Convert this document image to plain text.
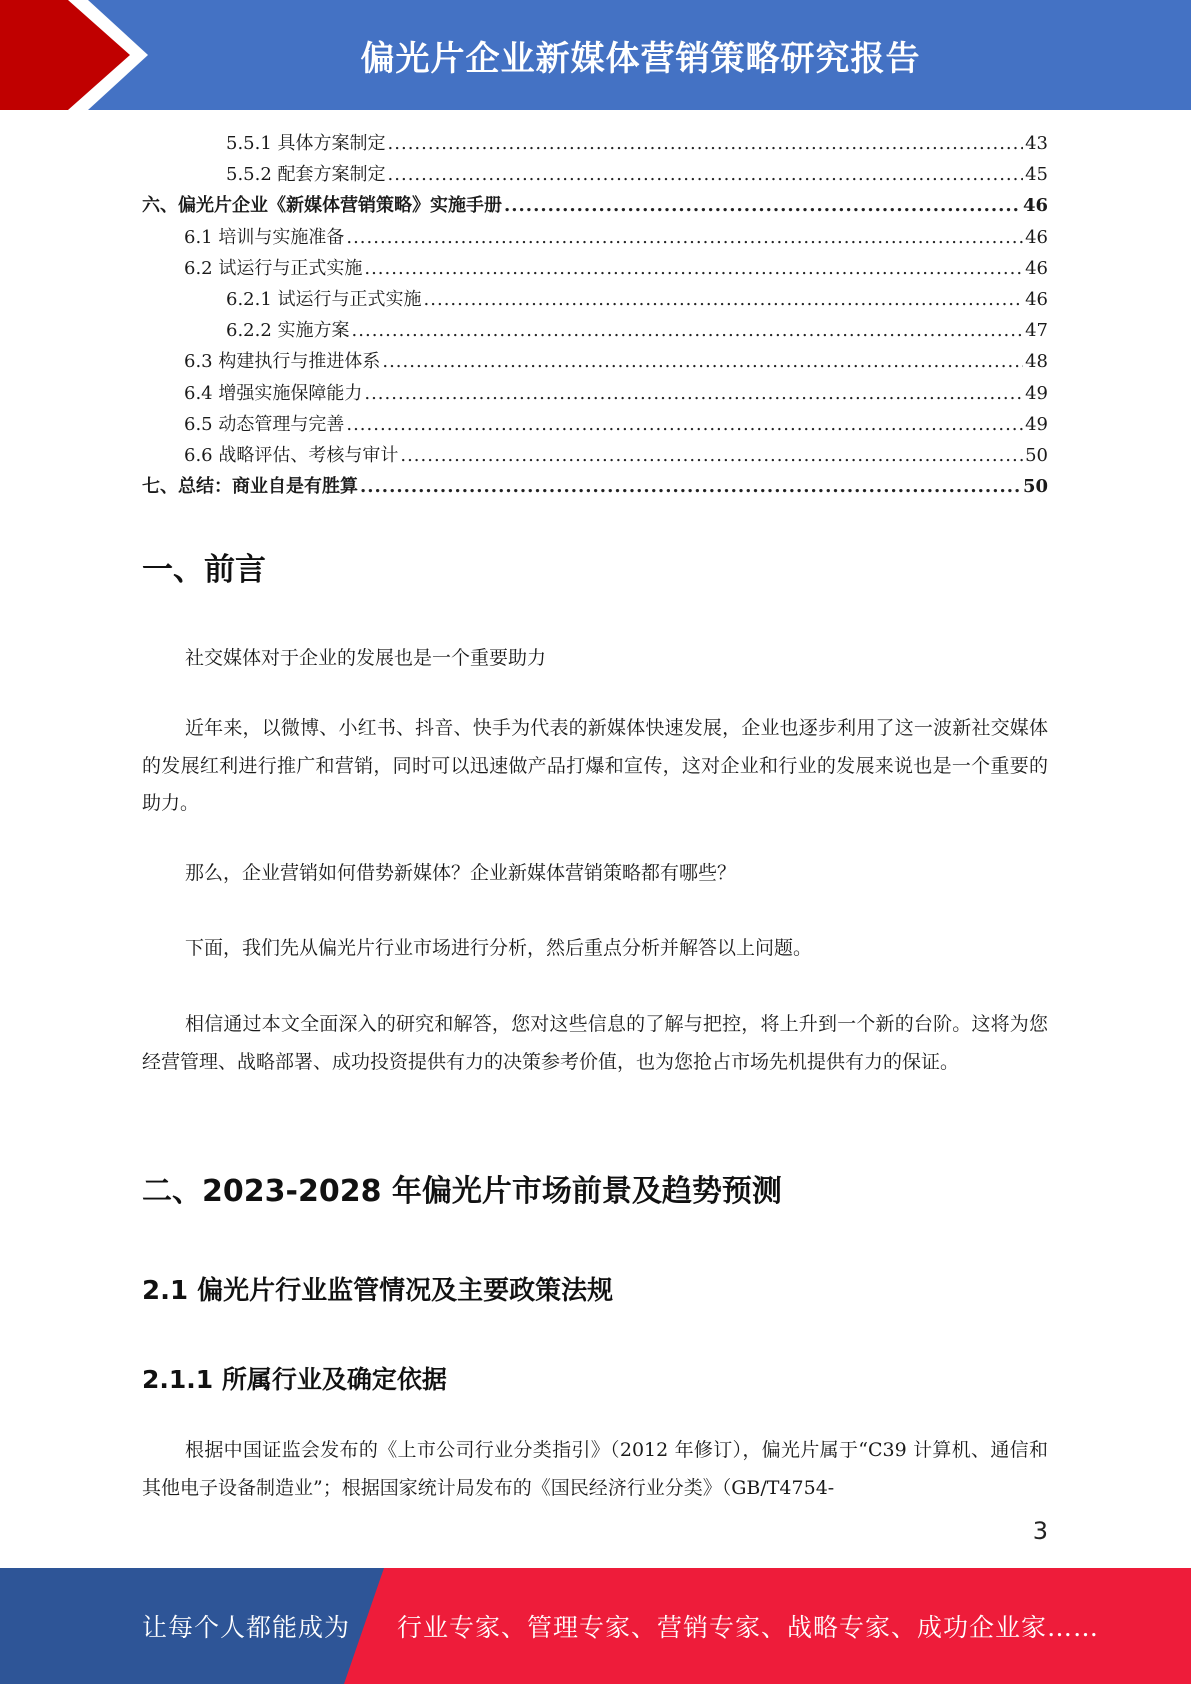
偏光片企业新媒体营销策略研究报告
5.5.1 具体方案制定 .....	43
5.5.2 配套方案制定 .....	45
六、偏光片企业《新媒体营销策略》实施手册 .....	46
6.1 培训与实施准备 .....	46
6.2 试运行与正式实施 .....	46
6.2.1 试运行与正式实施 .....	46
6.2.2 实施方案 .....	47
6.3 构建执行与推进体系 .....	48
6.4 增强实施保障能力 .....	49
6.5 动态管理与完善 .....	49
6.6 战略评估、考核与审计 .....	50
七、总结：商业自是有胜算 .....	50
一、前言

社交媒体对于企业的发展也是一个重要助力

近年来，以微博、小红书、抖音、快手为代表的新媒体快速发展，企业也逐步利用了这一波新社交媒体的发展红利进行推广和营销，同时可以迅速做产品打爆和宣传，这对企业和行业的发展来说也是一个重要的助力。

那么，企业营销如何借势新媒体？企业新媒体营销策略都有哪些？

下面，我们先从偏光片行业市场进行分析，然后重点分析并解答以上问题。

相信通过本文全面深入的研究和解答，您对这些信息的了解与把控，将上升到一个新的台阶。这将为您经营管理、战略部署、成功投资提供有力的决策参考价值，也为您抢占市场先机提供有力的保证。

二、2023-2028 年偏光片市场前景及趋势预测
2.1 偏光片行业监管情况及主要政策法规
2.1.1 所属行业及确定依据

根据中国证监会发布的《上市公司行业分类指引》（2012 年修订），偏光片属于“C39 计算机、通信和其他电子设备制造业”；根据国家统计局发布的《国民经济行业分类》（GB/T4754-

3
让每个人都能成为 行业专家、管理专家、营销专家、战略专家、成功企业家……
